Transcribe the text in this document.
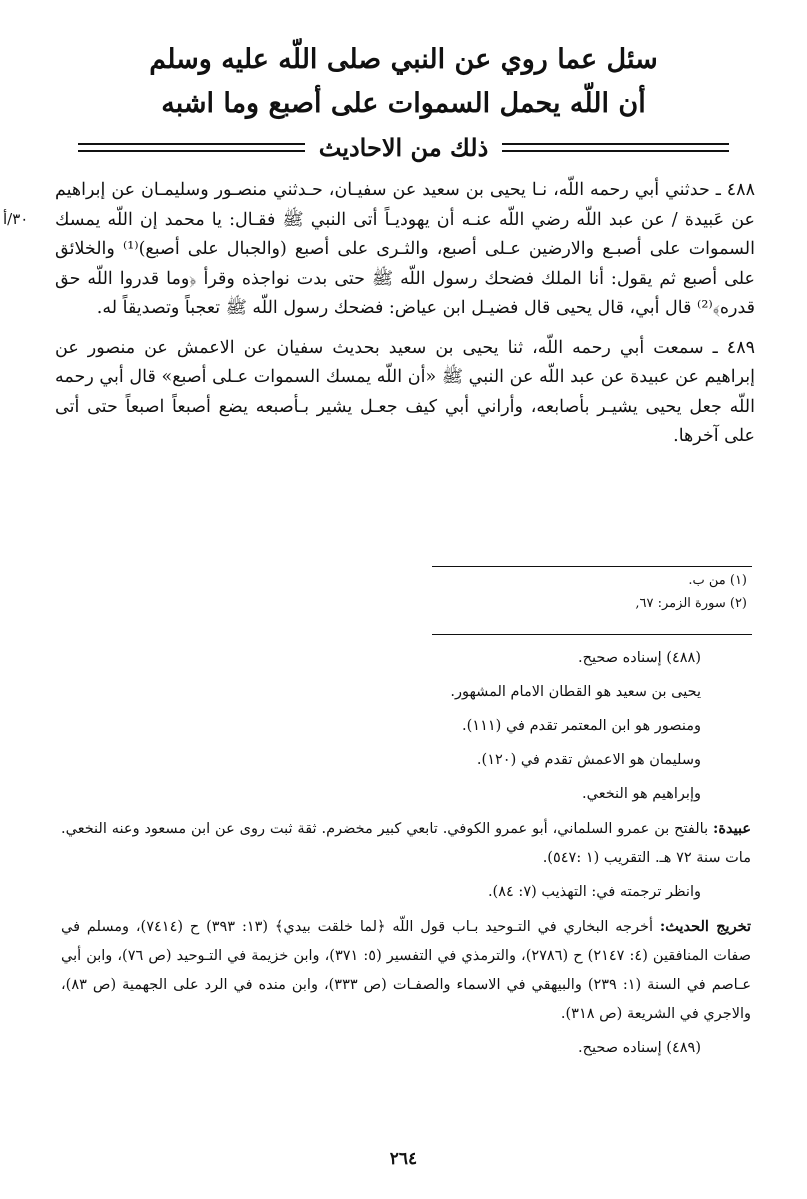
سئل عما روي عن النبي صلى اللّه عليه وسلم
أن اللّه يحمل السموات على أصبع وما اشبه
ذلك من الاحاديث
٣٠/أ

٤٨٨ ـ حدثني أبي رحمه اللّه، نـا يحيى بن سعيد عن سفيـان، حـدثني منصـور وسليمـان عن إبراهيم عن عَبيدة / عن عبد اللّه رضي اللّه عنـه أن يهوديـاً أتى النبي ﷺ فقـال: يا محمد إن اللّه يمسك السموات على أصبـع والارضين عـلى أصبع، والثـرى على أصبع (والجبال على أصبع)⁽¹⁾ والخلائق على أصبع ثم يقول: أنا الملك فضحك رسول اللّه ﷺ حتى بدت نواجذه وقرأ ﴿وما قدروا اللّه حق قدره﴾⁽²⁾ قال أبي، قال يحيى قال فضيـل ابن عياض: فضحك رسول اللّه ﷺ تعجباً وتصديقاً له.

٤٨٩ ـ سمعت أبي رحمه اللّه، ثنا يحيى بن سعيد بحديث سفيان عن الاعمش عن منصور عن إبراهيم عن عبيدة عن عبد اللّه عن النبي ﷺ «أن اللّه يمسك السموات عـلى أصبع» قال أبي رحمه اللّه جعل يحيى يشيـر بأصابعه، وأراني أبي كيف جعـل يشير بـأصبعه يضع أصبعاً اصبعاً حتى أتى على آخرها.

(١) من ب.
(٢) سورة الزمر: ٦٧,

(٤٨٨) إسناده صحيح.

يحيى بن سعيد هو القطان الامام المشهور.

ومنصور هو ابن المعتمر تقدم في (١١١).

وسليمان هو الاعمش تقدم في (١٢٠).

وإبراهيم هو النخعي.

عبيدة: بالفتح بن عمرو السلماني، أبو عمرو الكوفي. تابعي كبير مخضرم. ثقة ثبت روى عن ابن مسعود وعنه النخعي. مات سنة ٧٢ هـ. التقريب (١ :٥٤٧).

وانظر ترجمته في: التهذيب (٧: ٨٤).

تخريج الحديث: أخرجه البخاري في التـوحيد بـاب قول اللّه ﴿لما خلقت بيدي﴾ (١٣: ٣٩٣) ح (٧٤١٤)، ومسلم في صفات المنافقين (٤: ٢١٤٧) ح (٢٧٨٦)، والترمذي في التفسير (٥: ٣٧١)، وابن خزيمة في التـوحيد (ص ٧٦)، وابن أبي عـاصم في السنة (١: ٢٣٩) والبيهقي في الاسماء والصفـات (ص ٣٣٣)، وابن منده في الرد على الجهمية (ص ٨٣)، والاجري في الشريعة (ص ٣١٨).

(٤٨٩) إسناده صحيح.

٢٦٤
